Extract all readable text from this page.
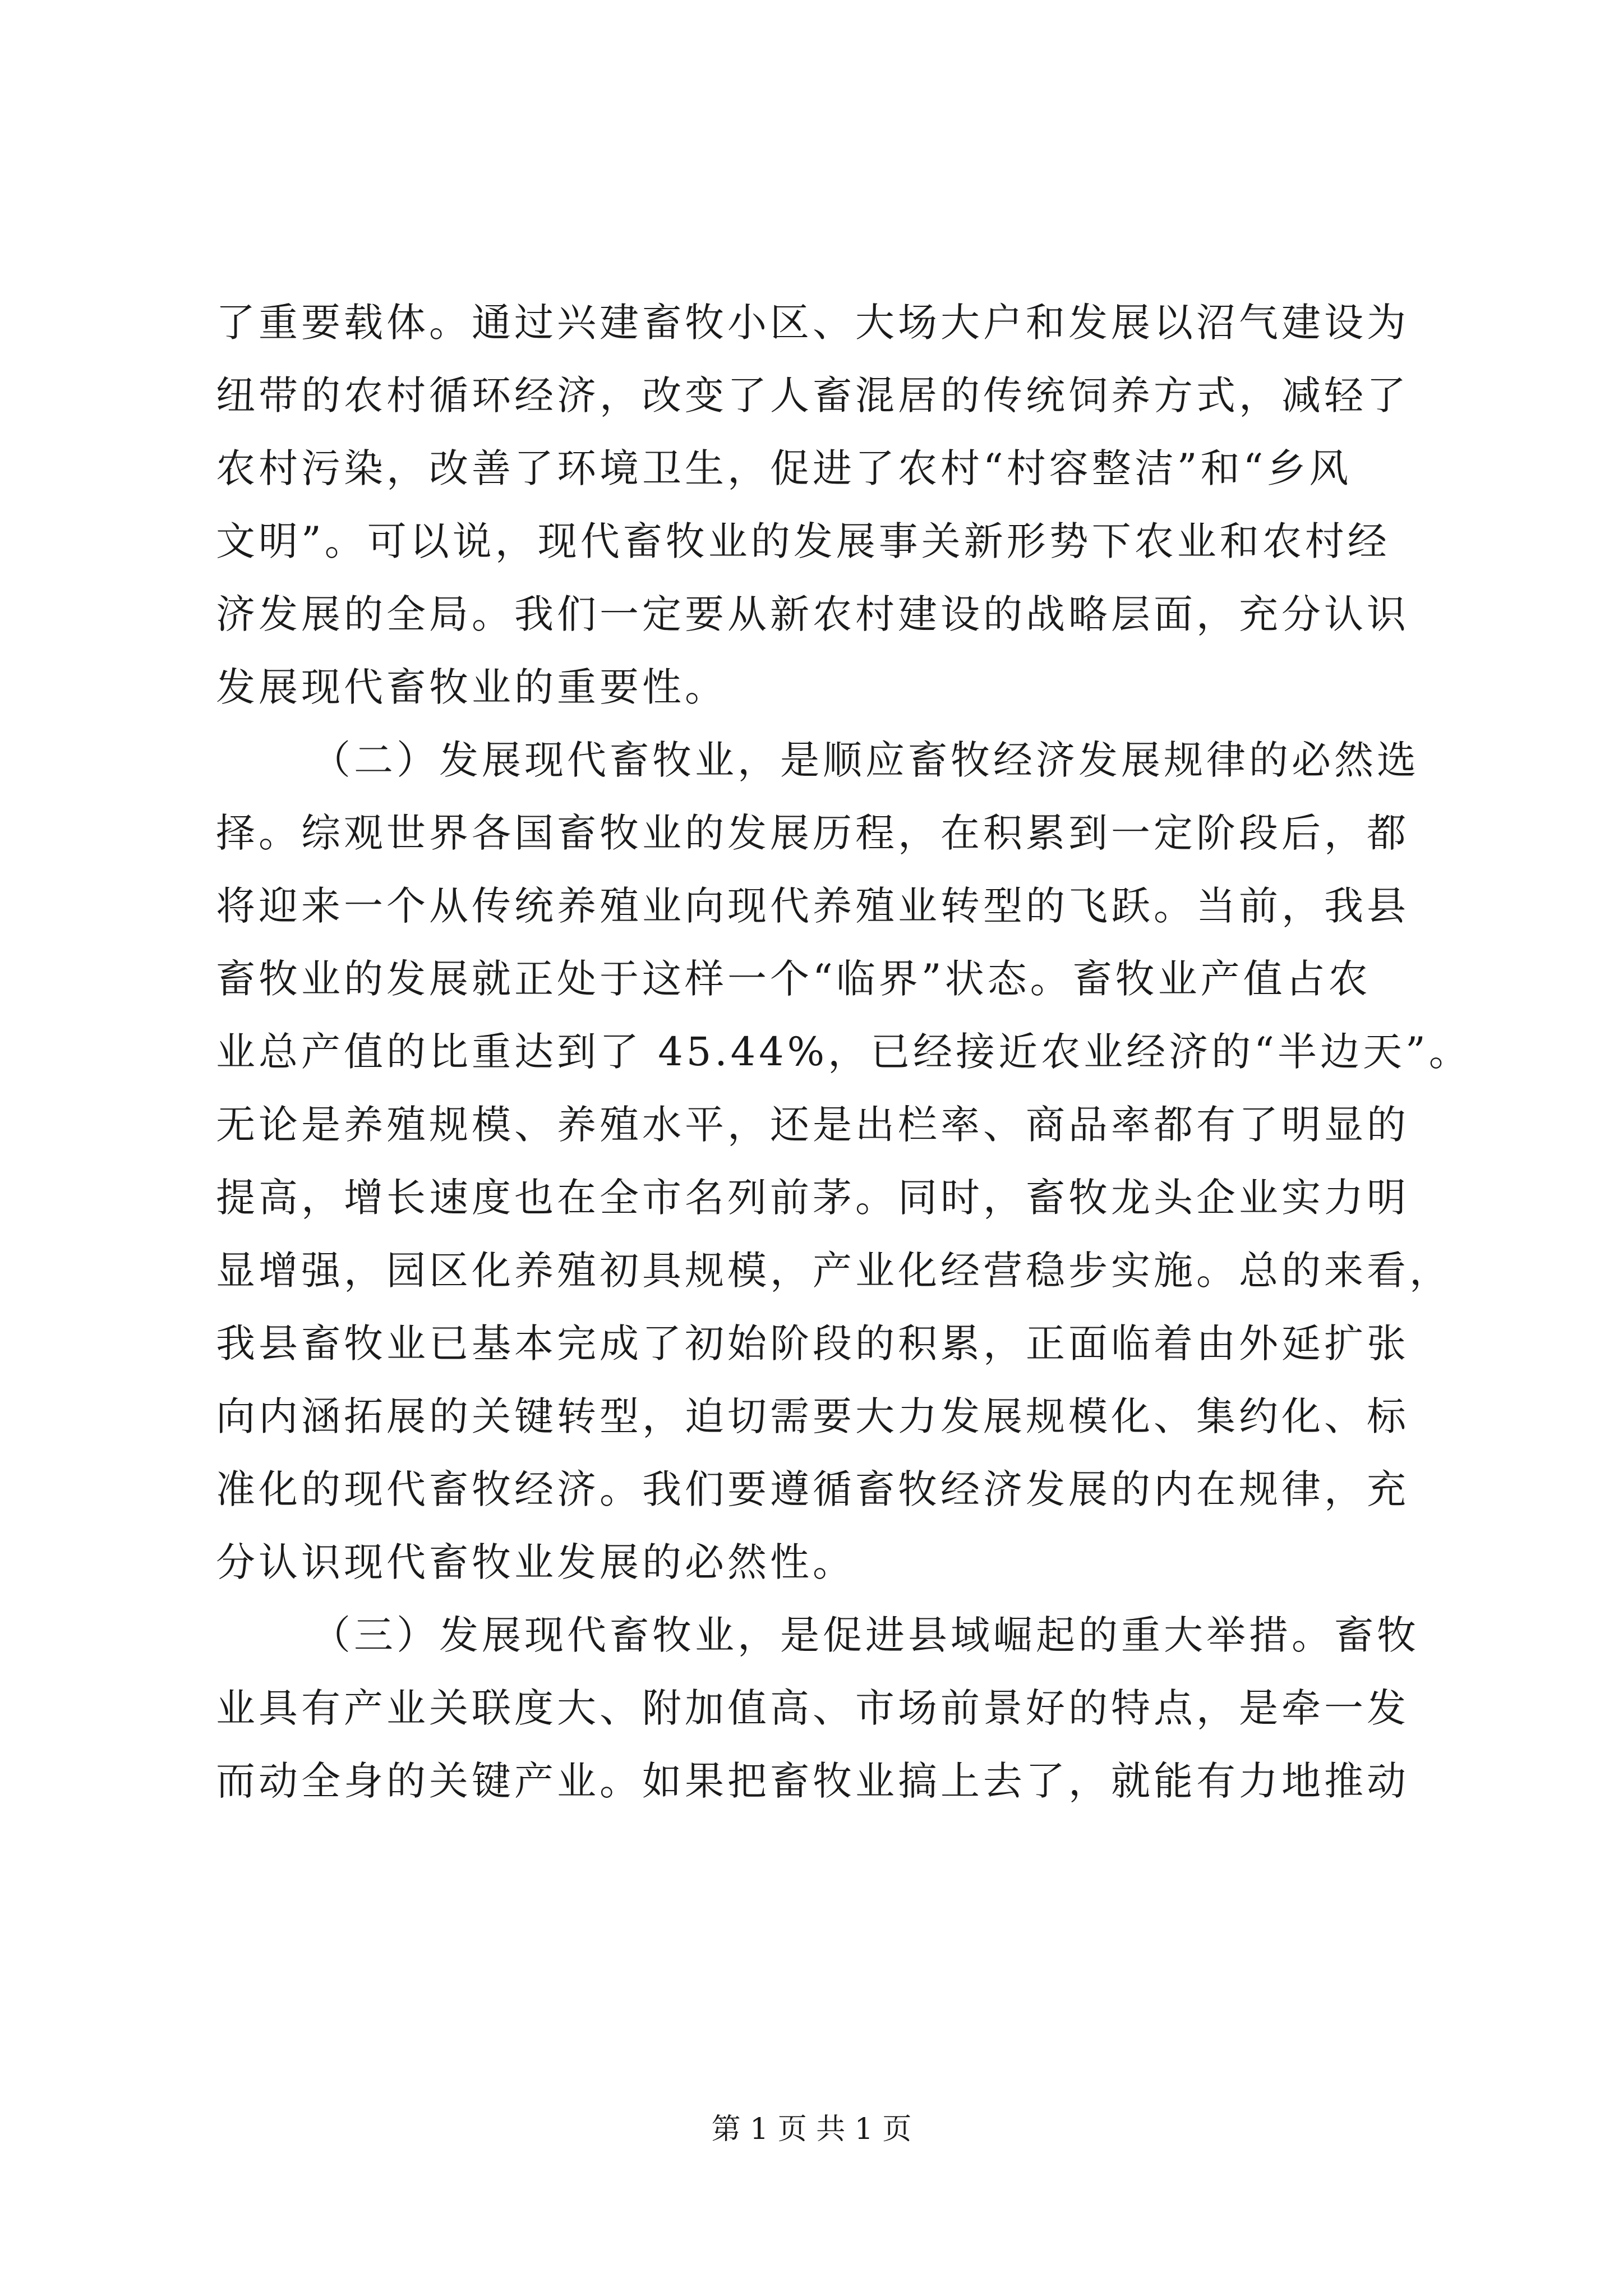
了重要载体。通过兴建畜牧小区、大场大户和发展以沼气建设为
纽带的农村循环经济，改变了人畜混居的传统饲养方式，减轻了
农村污染，改善了环境卫生，促进了农村“村容整洁”和“乡风
文明”。可以说，现代畜牧业的发展事关新形势下农业和农村经
济发展的全局。我们一定要从新农村建设的战略层面，充分认识
发展现代畜牧业的重要性。
（二）发展现代畜牧业，是顺应畜牧经济发展规律的必然选
择。综观世界各国畜牧业的发展历程，在积累到一定阶段后，都
将迎来一个从传统养殖业向现代养殖业转型的飞跃。当前，我县
畜牧业的发展就正处于这样一个“临界”状态。畜牧业产值占农
业总产值的比重达到了 45.44%，已经接近农业经济的“半边天”。
无论是养殖规模、养殖水平，还是出栏率、商品率都有了明显的
提高，增长速度也在全市名列前茅。同时，畜牧龙头企业实力明
显增强，园区化养殖初具规模，产业化经营稳步实施。总的来看，
我县畜牧业已基本完成了初始阶段的积累，正面临着由外延扩张
向内涵拓展的关键转型，迫切需要大力发展规模化、集约化、标
准化的现代畜牧经济。我们要遵循畜牧经济发展的内在规律，充
分认识现代畜牧业发展的必然性。
（三）发展现代畜牧业，是促进县域崛起的重大举措。畜牧
业具有产业关联度大、附加值高、市场前景好的特点，是牵一发
而动全身的关键产业。如果把畜牧业搞上去了，就能有力地推动
第 1 页 共 1 页
